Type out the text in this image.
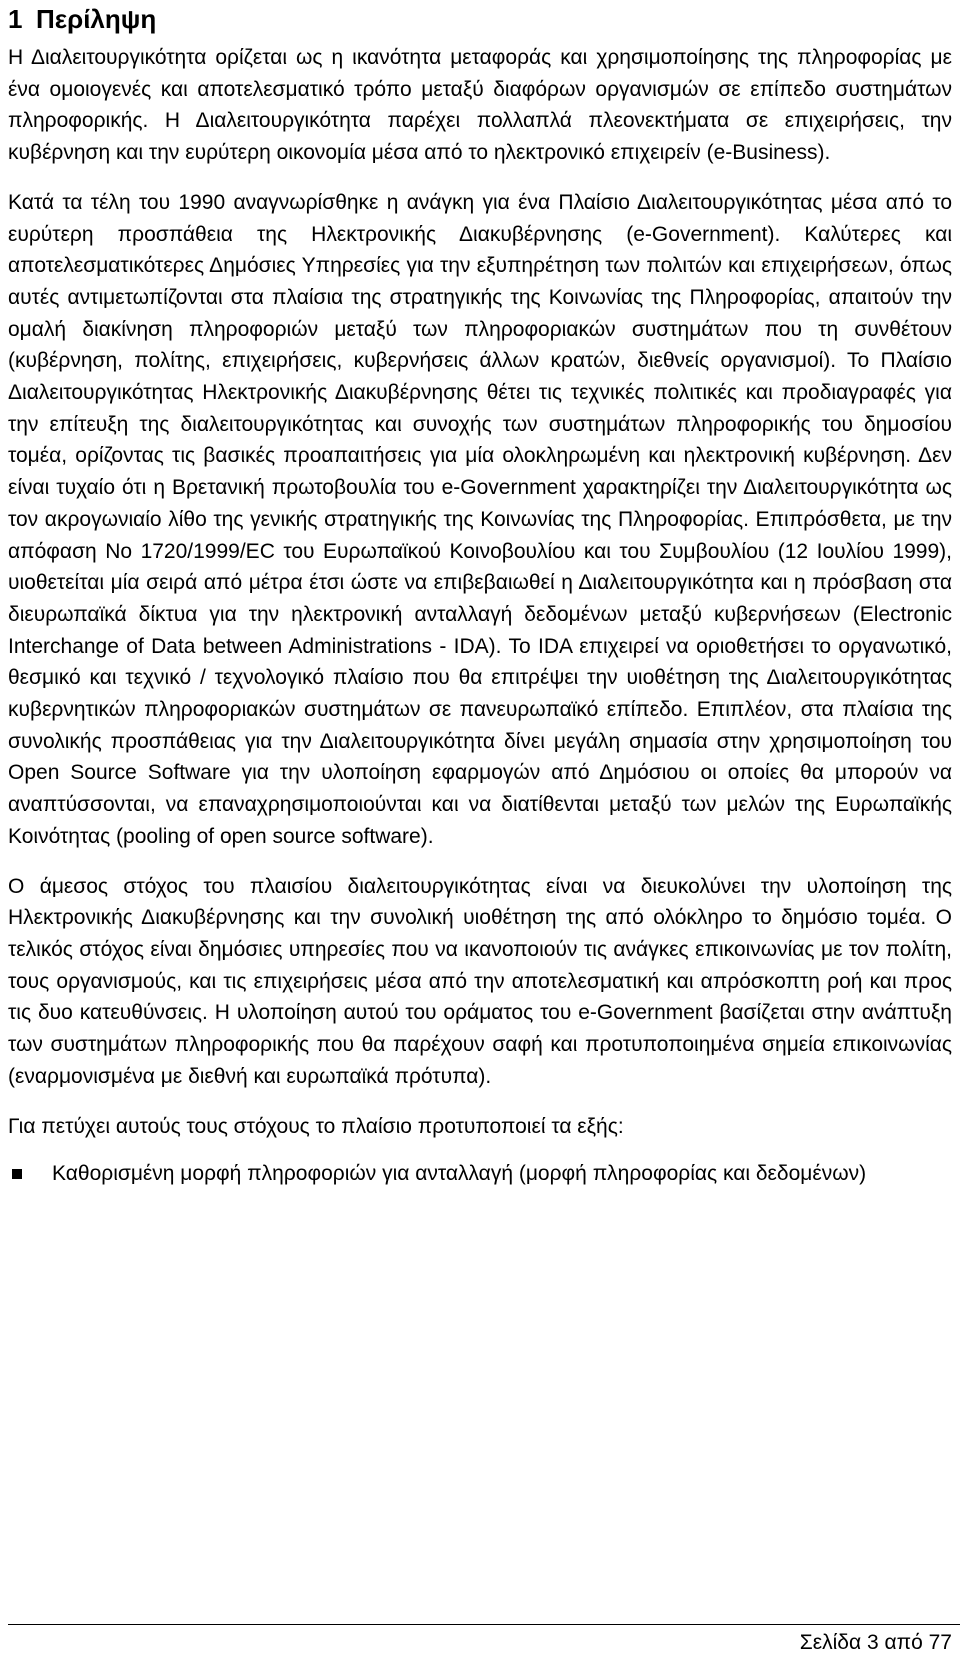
1 Περίληψη

Η Διαλειτουργικότητα ορίζεται ως η ικανότητα μεταφοράς και χρησιμοποίησης της πληροφορίας με ένα ομοιογενές και αποτελεσματικό τρόπο μεταξύ διαφόρων οργανισμών σε επίπεδο συστημάτων πληροφορικής. Η Διαλειτουργικότητα παρέχει πολλαπλά πλεονεκτήματα σε επιχειρήσεις, την κυβέρνηση και την ευρύτερη οικονομία μέσα από το ηλεκτρονικό επιχειρείν (e-Business).

Κατά τα τέλη του 1990 αναγνωρίσθηκε η ανάγκη για ένα Πλαίσιο Διαλειτουργικότητας μέσα από το ευρύτερη προσπάθεια της Ηλεκτρονικής Διακυβέρνησης (e-Government). Καλύτερες και αποτελεσματικότερες Δημόσιες Υπηρεσίες για την εξυπηρέτηση των πολιτών και επιχειρήσεων, όπως αυτές αντιμετωπίζονται στα πλαίσια της στρατηγικής της Κοινωνίας της Πληροφορίας, απαιτούν την ομαλή διακίνηση πληροφοριών μεταξύ των πληροφοριακών συστημάτων που τη συνθέτουν (κυβέρνηση, πολίτης, επιχειρήσεις, κυβερνήσεις άλλων κρατών, διεθνείς οργανισμοί). Το Πλαίσιο Διαλειτουργικότητας Ηλεκτρονικής Διακυβέρνησης θέτει τις τεχνικές πολιτικές και προδιαγραφές για την επίτευξη της διαλειτουργικότητας και συνοχής των συστημάτων πληροφορικής του δημοσίου τομέα, ορίζοντας τις βασικές προαπαιτήσεις για μία ολοκληρωμένη και ηλεκτρονική κυβέρνηση. Δεν είναι τυχαίο ότι η Βρετανική πρωτοβουλία του e-Government χαρακτηρίζει την Διαλειτουργικότητα ως τον ακρογωνιαίο λίθο της γενικής στρατηγικής της Κοινωνίας της Πληροφορίας. Επιπρόσθετα, με την απόφαση No 1720/1999/EC του Ευρωπαϊκού Κοινοβουλίου και του Συμβουλίου (12 Ιουλίου 1999), υιοθετείται μία σειρά από μέτρα έτσι ώστε να επιβεβαιωθεί η Διαλειτουργικότητα και η πρόσβαση στα διευρωπαϊκά δίκτυα για την ηλεκτρονική ανταλλαγή δεδομένων μεταξύ κυβερνήσεων (Electronic Interchange of Data between Administrations - IDA). Το IDA επιχειρεί να οριοθετήσει το οργανωτικό, θεσμικό και τεχνικό / τεχνολογικό πλαίσιο που θα επιτρέψει την υιοθέτηση της Διαλειτουργικότητας κυβερνητικών πληροφοριακών συστημάτων σε πανευρωπαϊκό επίπεδο. Επιπλέον, στα πλαίσια της συνολικής προσπάθειας για την Διαλειτουργικότητα δίνει μεγάλη σημασία στην χρησιμοποίηση του Open Source Software για την υλοποίηση εφαρμογών από Δημόσιου οι οποίες θα μπορούν να αναπτύσσονται, να επαναχρησιμοποιούνται και να διατίθενται μεταξύ των μελών της Ευρωπαϊκής Κοινότητας (pooling of open source software).

Ο άμεσος στόχος του πλαισίου διαλειτουργικότητας είναι να διευκολύνει την υλοποίηση της Ηλεκτρονικής Διακυβέρνησης και την συνολική υιοθέτηση της από ολόκληρο το δημόσιο τομέα. Ο τελικός στόχος είναι δημόσιες υπηρεσίες που να ικανοποιούν τις ανάγκες επικοινωνίας με τον πολίτη, τους οργανισμούς, και τις επιχειρήσεις μέσα από την αποτελεσματική και απρόσκοπτη ροή και προς τις δυο κατευθύνσεις. Η υλοποίηση αυτού του οράματος του e-Government βασίζεται στην ανάπτυξη των συστημάτων πληροφορικής που θα παρέχουν σαφή και προτυποποιημένα σημεία επικοινωνίας (εναρμονισμένα με διεθνή και ευρωπαϊκά πρότυπα).

Για πετύχει αυτούς τους στόχους το πλαίσιο προτυποποιεί τα εξής:

Καθορισμένη μορφή πληροφοριών για ανταλλαγή (μορφή πληροφορίας και δεδομένων)
Σελίδα 3 από 77
